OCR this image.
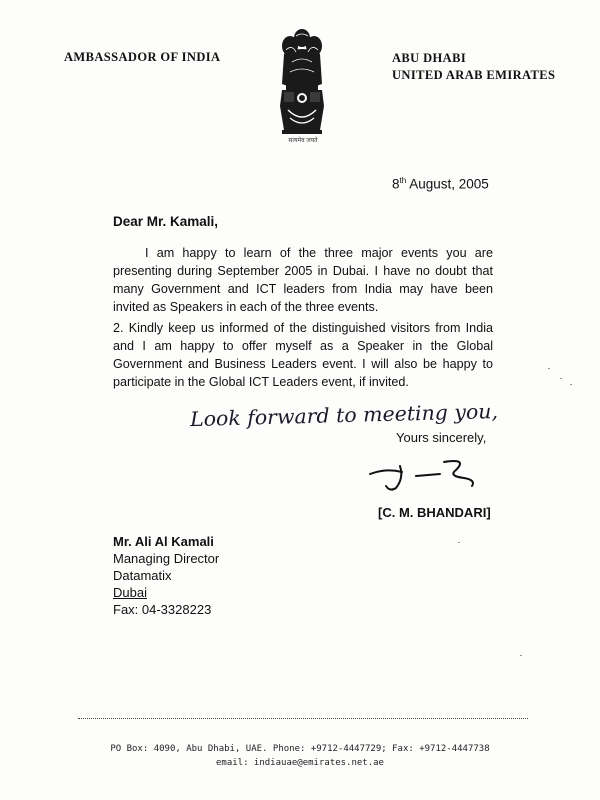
AMBASSADOR OF INDIA
सत्यमेव जयते
ABU DHABI
UNITED ARAB EMIRATES
8th August, 2005
Dear Mr. Kamali,
I am happy to learn of the three major events you are presenting during September 2005 in Dubai. I have no doubt that many Government and ICT leaders from India may have been invited as Speakers in each of the three events.
2. Kindly keep us informed of the distinguished visitors from India and I am happy to offer myself as a Speaker in the Global Government and Business Leaders event. I will also be happy to participate in the Global ICT Leaders event, if invited.
Look forward to meeting you,
Yours sincerely,
[C. M. BHANDARI]
Mr. Ali Al Kamali
Managing Director
Datamatix
Dubai
Fax: 04-3328223
PO Box: 4090, Abu Dhabi, UAE. Phone: +9712-4447729; Fax: +9712-4447738
email: indiauae@emirates.net.ae
